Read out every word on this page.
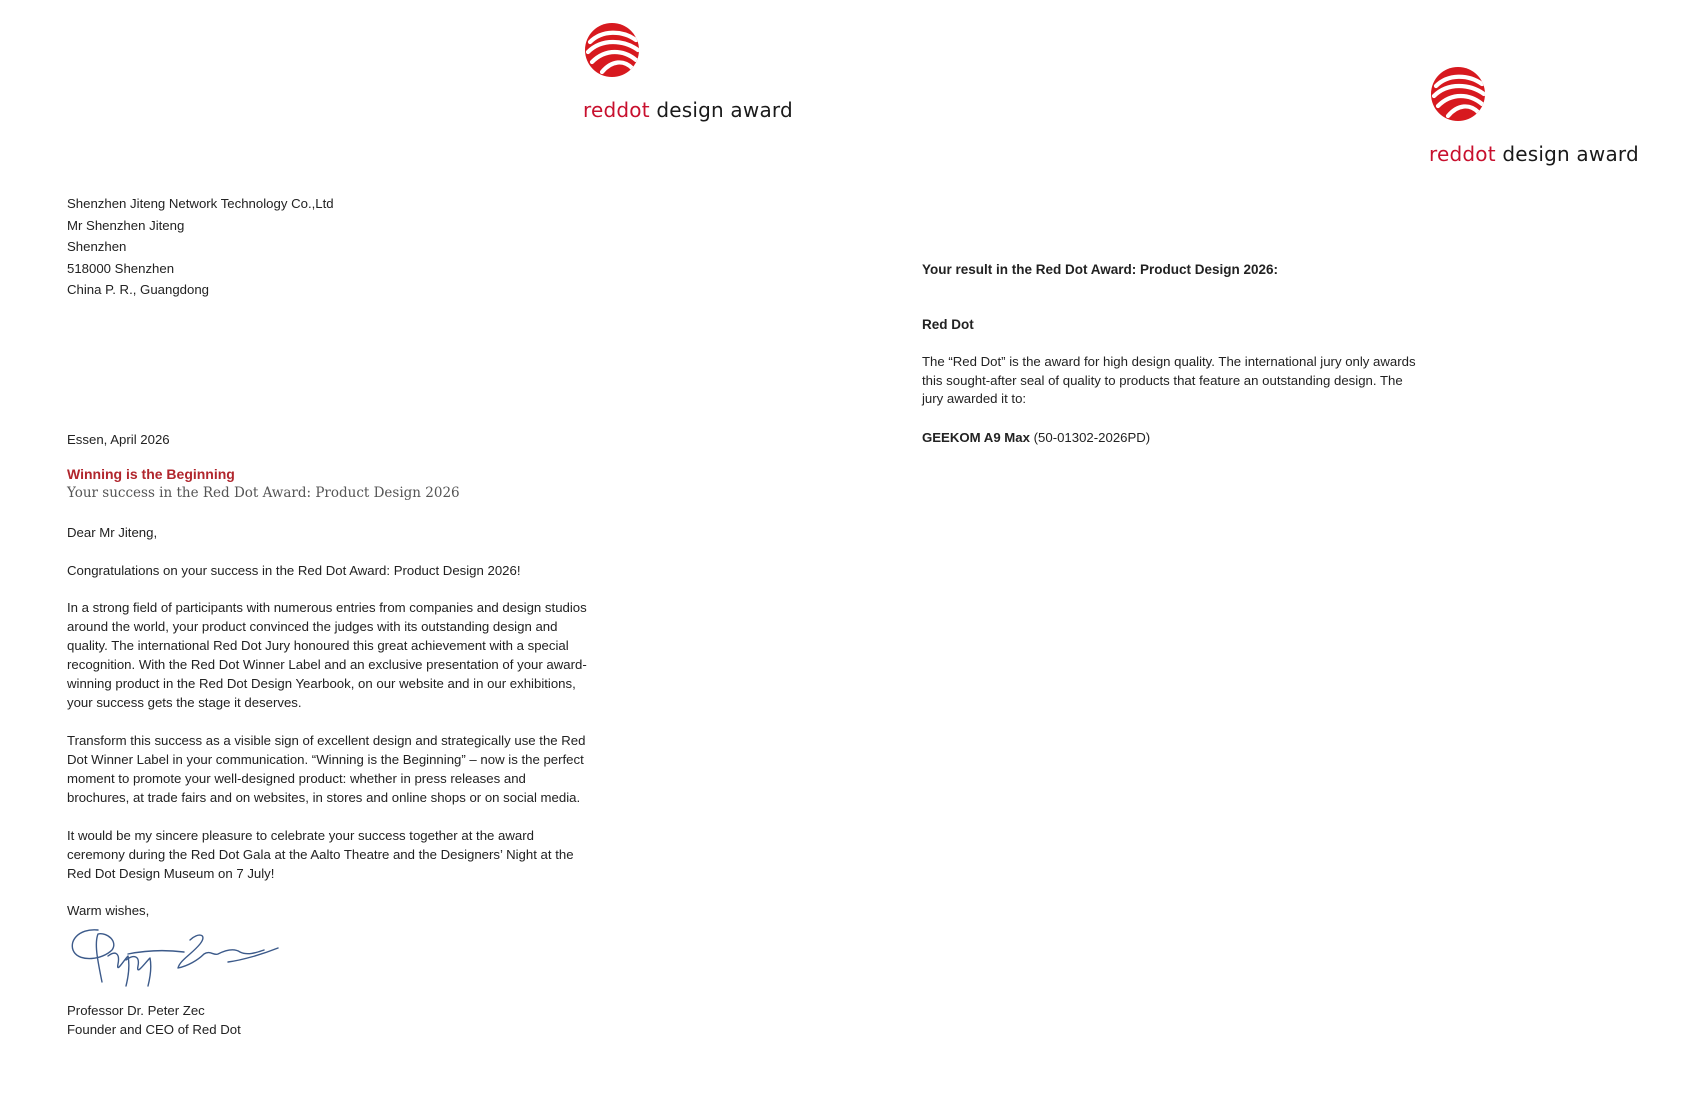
reddot design award
Shenzhen Jiteng Network Technology Co.,Ltd
Mr Shenzhen Jiteng
Shenzhen
518000 Shenzhen
China P. R., Guangdong
Essen, April 2026
Winning is the Beginning
Your success in the Red Dot Award: Product Design 2026
Dear Mr Jiteng,
Congratulations on your success in the Red Dot Award: Product Design 2026!
In a strong field of participants with numerous entries from companies and design studios around the world, your product convinced the judges with its outstanding design and quality. The international Red Dot Jury honoured this great achievement with a special recognition. With the Red Dot Winner Label and an exclusive presentation of your award-winning product in the Red Dot Design Yearbook, on our website and in our exhibitions, your success gets the stage it deserves.
Transform this success as a visible sign of excellent design and strategically use the Red Dot Winner Label in your communication. “Winning is the Beginning” – now is the perfect moment to promote your well-designed product: whether in press releases and brochures, at trade fairs and on websites, in stores and online shops or on social media.
It would be my sincere pleasure to celebrate your success together at the award ceremony during the Red Dot Gala at the Aalto Theatre and the Designers’ Night at the Red Dot Design Museum on 7 July!
Warm wishes,
Professor Dr. Peter Zec
Founder and CEO of Red Dot
reddot design award
Your result in the Red Dot Award: Product Design 2026:
Red Dot
The “Red Dot” is the award for high design quality. The international jury only awards this sought-after seal of quality to products that feature an outstanding design. The jury awarded it to:
GEEKOM A9 Max (50-01302-2026PD)
